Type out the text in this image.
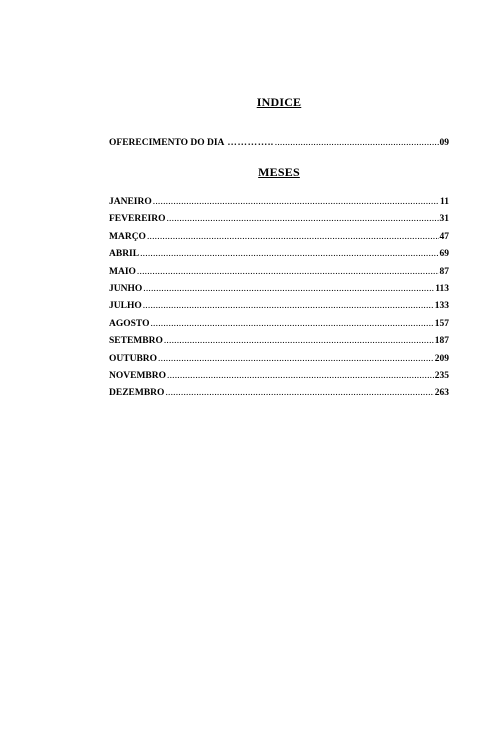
INDICE
OFERECIMENTO DO DIA ………….. .....	09
MESES
JANEIRO .....	11
FEVEREIRO .....	31
MARÇO .....	47
ABRIL .....	69
MAIO .....	87
JUNHO .....	113
JULHO .....	133
AGOSTO .....	157
SETEMBRO .....	187
OUTUBRO .....	209
NOVEMBRO .....	235
DEZEMBRO .....	263
